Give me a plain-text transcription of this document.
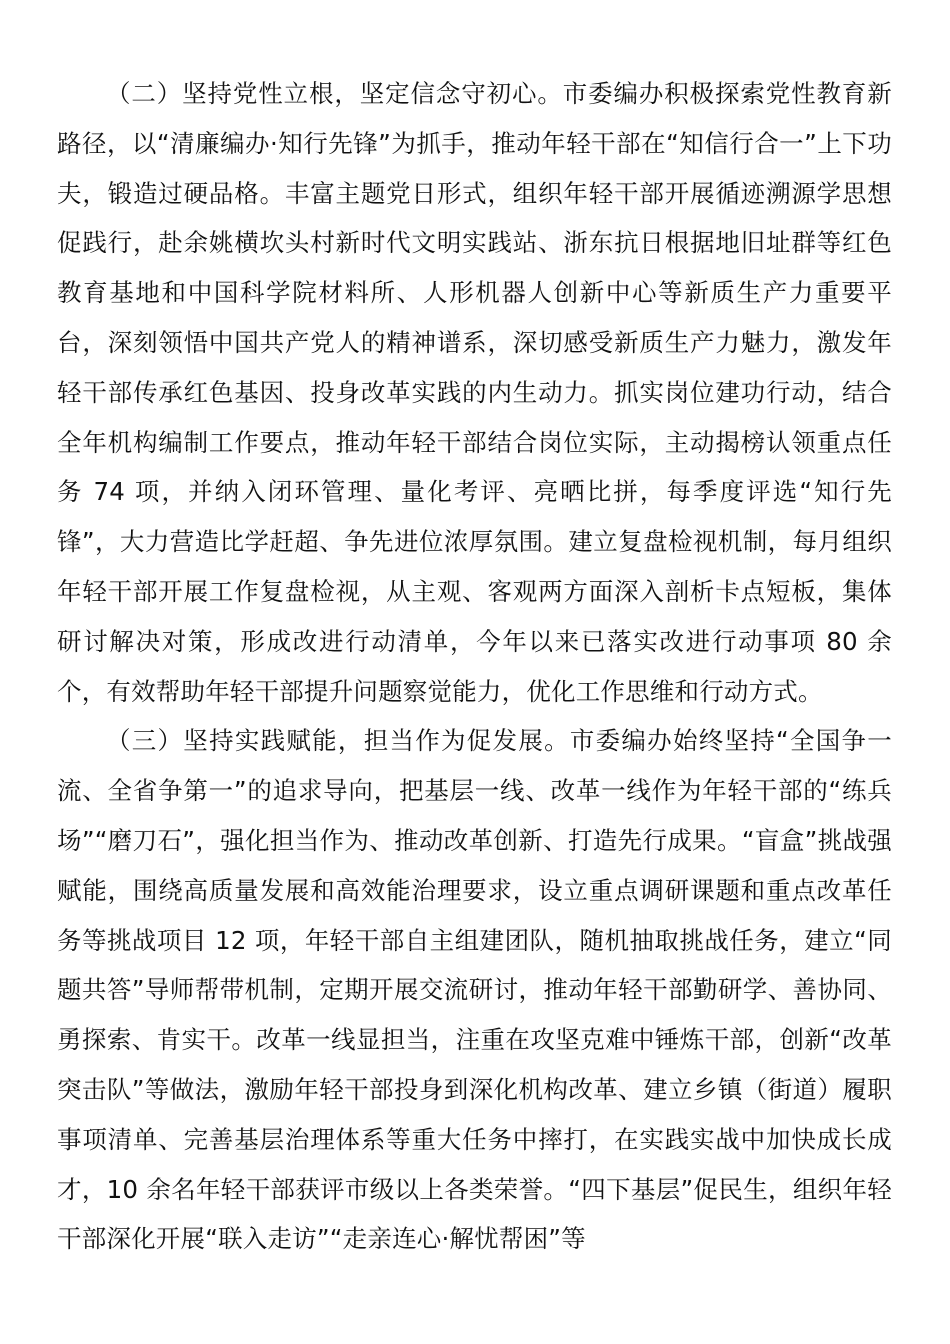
（二）坚持党性立根，坚定信念守初心。市委编办积极探索党性教育新路径，以“清廉编办·知行先锋”为抓手，推动年轻干部在“知信行合一”上下功夫，锻造过硬品格。丰富主题党日形式，组织年轻干部开展循迹溯源学思想促践行，赴余姚横坎头村新时代文明实践站、浙东抗日根据地旧址群等红色教育基地和中国科学院材料所、人形机器人创新中心等新质生产力重要平台，深刻领悟中国共产党人的精神谱系，深切感受新质生产力魅力，激发年轻干部传承红色基因、投身改革实践的内生动力。抓实岗位建功行动，结合全年机构编制工作要点，推动年轻干部结合岗位实际，主动揭榜认领重点任务 74 项，并纳入闭环管理、量化考评、亮晒比拼，每季度评选“知行先锋”，大力营造比学赶超、争先进位浓厚氛围。建立复盘检视机制，每月组织年轻干部开展工作复盘检视，从主观、客观两方面深入剖析卡点短板，集体研讨解决对策，形成改进行动清单，今年以来已落实改进行动事项 80 余个，有效帮助年轻干部提升问题察觉能力，优化工作思维和行动方式。

（三）坚持实践赋能，担当作为促发展。市委编办始终坚持“全国争一流、全省争第一”的追求导向，把基层一线、改革一线作为年轻干部的“练兵场”“磨刀石”，强化担当作为、推动改革创新、打造先行成果。“盲盒”挑战强赋能，围绕高质量发展和高效能治理要求，设立重点调研课题和重点改革任务等挑战项目 12 项，年轻干部自主组建团队，随机抽取挑战任务，建立“同题共答”导师帮带机制，定期开展交流研讨，推动年轻干部勤研学、善协同、勇探索、肯实干。改革一线显担当，注重在攻坚克难中锤炼干部，创新“改革突击队”等做法，激励年轻干部投身到深化机构改革、建立乡镇（街道）履职事项清单、完善基层治理体系等重大任务中摔打，在实践实战中加快成长成才，10 余名年轻干部获评市级以上各类荣誉。“四下基层”促民生，组织年轻干部深化开展“联入走访”“走亲连心·解忧帮困”等
